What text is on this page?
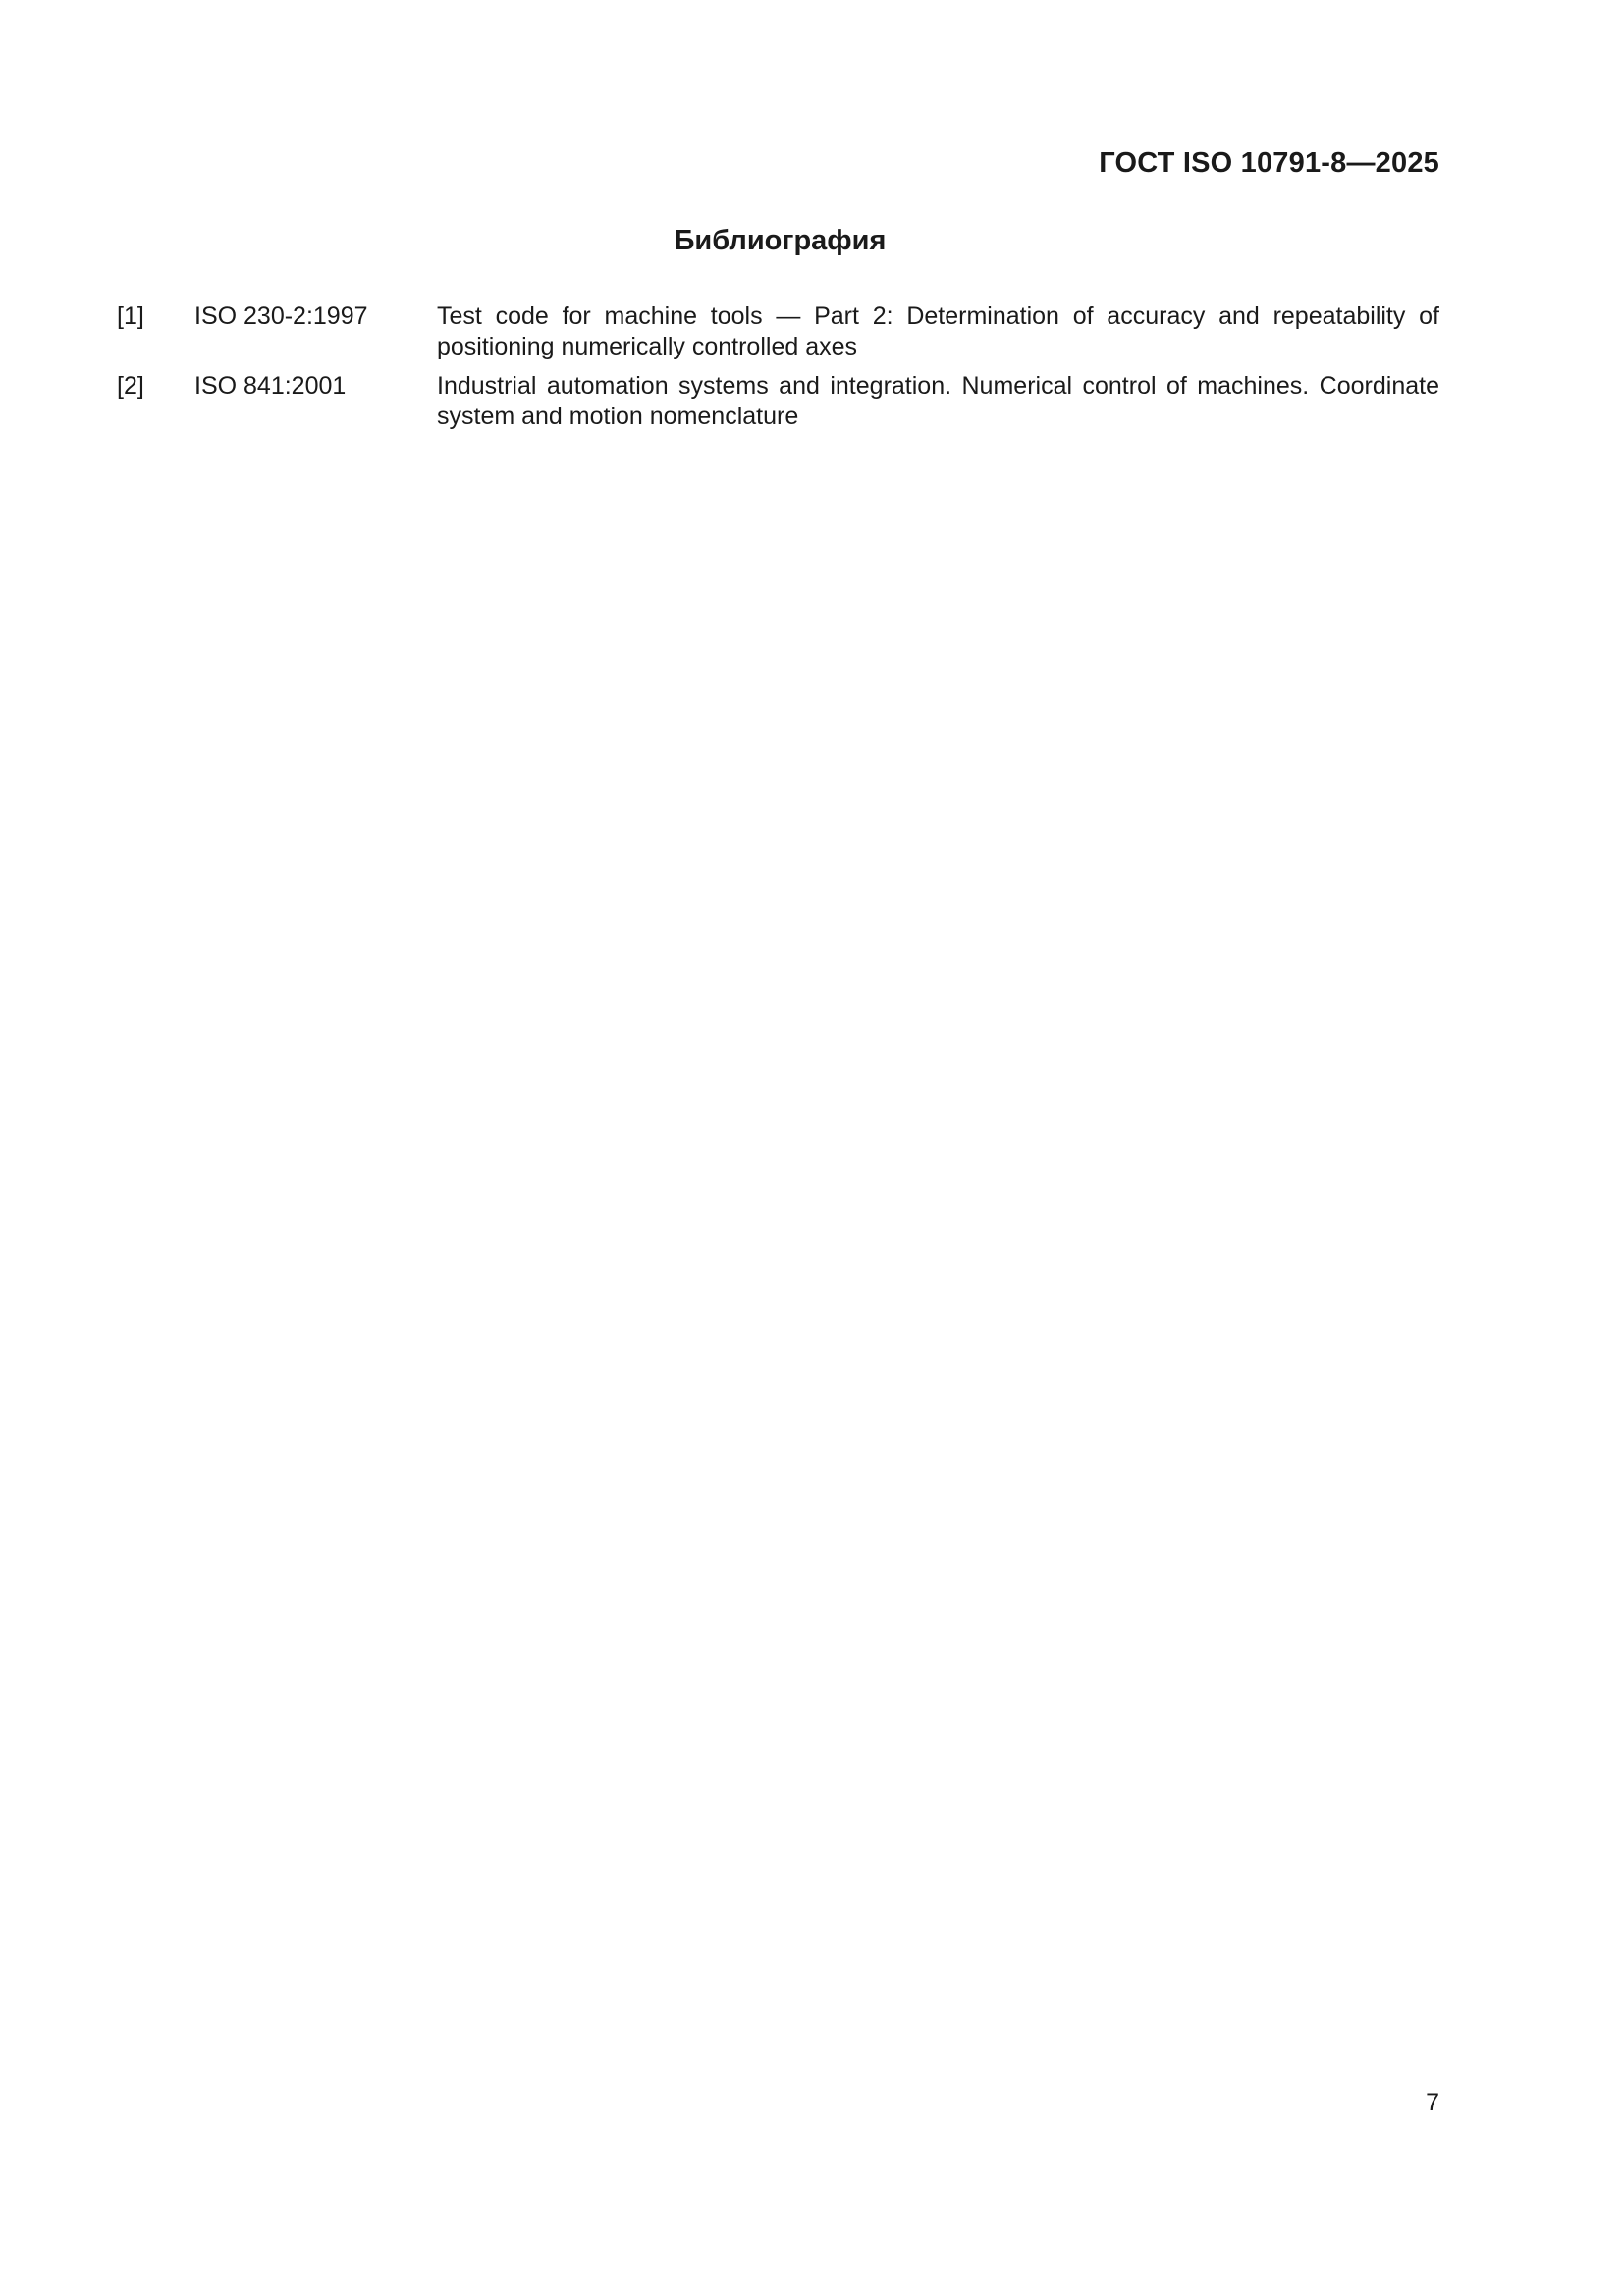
ГОСТ ISO 10791-8—2025
Библиография
[1] ISO 230-2:1997	Test code for machine tools — Part 2: Determination of accuracy and repeatability of positioning numerically controlled axes
[2] ISO 841:2001	Industrial automation systems and integration. Numerical control of machines. Coordinate system and motion nomenclature
7
